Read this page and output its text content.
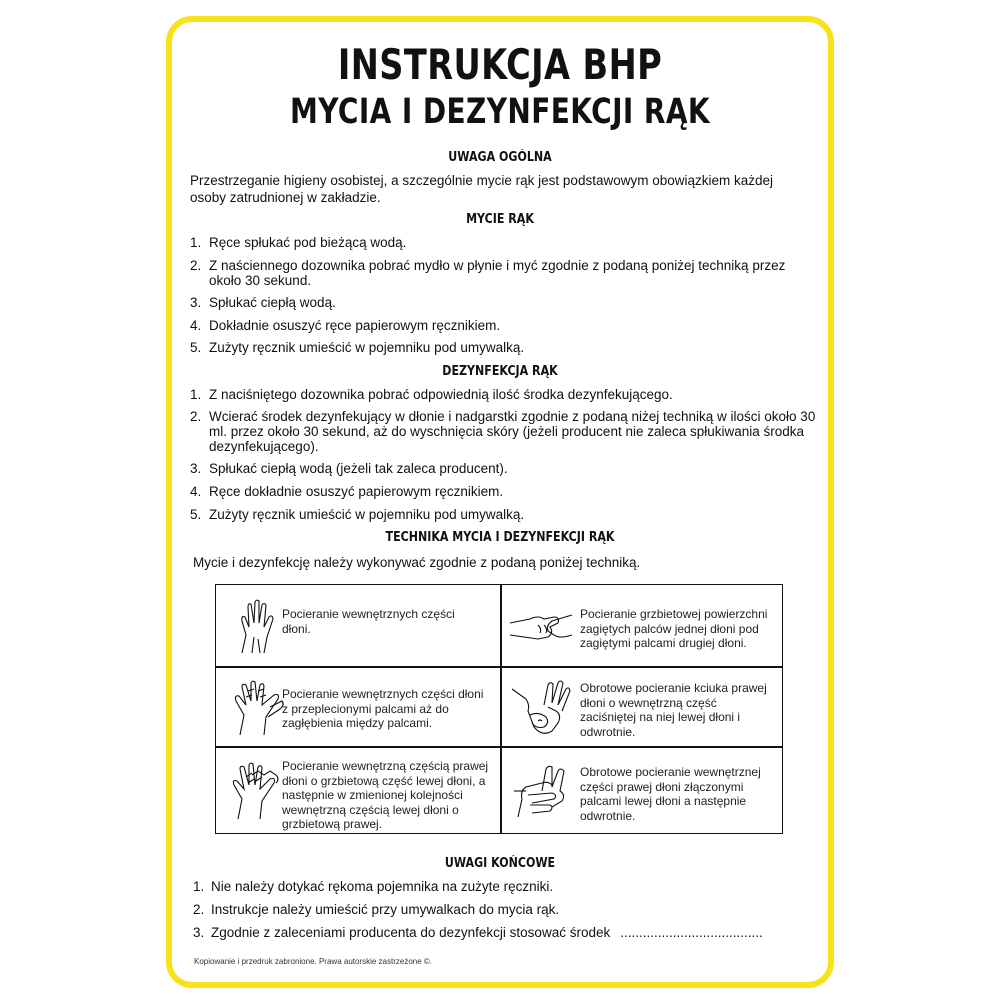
INSTRUKCJA BHP
MYCIA I DEZYNFEKCJI RĄK
UWAGA OGÓLNA
Przestrzeganie higieny osobistej, a szczególnie mycie rąk jest podstawowym obowiązkiem każdej osoby zatrudnionej w zakładzie.
MYCIE RĄK
1. Ręce spłukać pod bieżącą wodą.
2. Z naściennego dozownika pobrać mydło w płynie i myć zgodnie z podaną poniżej techniką przez około 30 sekund.
3. Spłukać ciepłą wodą.
4. Dokładnie osuszyć ręce papierowym ręcznikiem.
5. Zużyty ręcznik umieścić w pojemniku pod umywalką.
DEZYNFEKCJA RĄK
1. Z naciśniętego dozownika pobrać odpowiednią ilość środka dezynfekującego.
2. Wcierać środek dezynfekujący w dłonie i nadgarstki zgodnie z podaną niżej techniką w ilości około 30 ml. przez około 30 sekund, aż do wyschnięcia skóry (jeżeli producent nie zaleca spłukiwania środka dezynfekującego).
3. Spłukać ciepłą wodą (jeżeli tak zaleca producent).
4. Ręce dokładnie osuszyć papierowym ręcznikiem.
5. Zużyty ręcznik umieścić w pojemniku pod umywalką.
TECHNIKA MYCIA I DEZYNFEKCJI RĄK
Mycie i dezynfekcję należy wykonywać zgodnie z podaną poniżej techniką.
Pocieranie wewnętrznych części dłoni.
Pocieranie grzbietowej powierzchni zagiętych palców jednej dłoni pod zagiętymi palcami drugiej dłoni.
Pocieranie wewnętrznych części dłoni z przeplecionymi palcami aż do zagłębienia między palcami.
Obrotowe pocieranie kciuka prawej dłoni o wewnętrzną część zaciśniętej na niej lewej dłoni i odwrotnie.
Pocieranie wewnętrzną częścią prawej dłoni o grzbietową część lewej dłoni, a następnie w zmienionej kolejności wewnętrzną częścią lewej dłoni o grzbietową prawej.
Obrotowe pocieranie wewnętrznej części prawej dłoni złączonymi palcami lewej dłoni a następnie odwrotnie.
UWAGI KOŃCOWE
1. Nie należy dotykać rękoma pojemnika na zużyte ręczniki.
2. Instrukcje należy umieścić przy umywalkach do mycia rąk.
3. Zgodnie z zaleceniami producenta do dezynfekcji stosować środek ......................................
Kopiowanie i przedruk zabronione. Prawa autorskie zastrzeżone ©.
